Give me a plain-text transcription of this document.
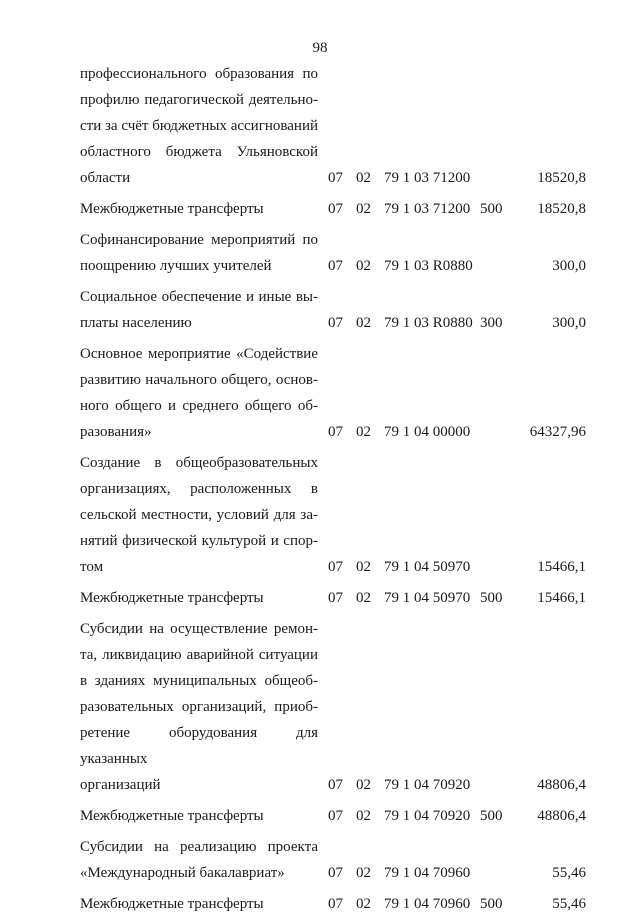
98
профессионального образования по
профилю педагогической деятельно-
сти за счёт бюджетных ассигнований
областного бюджета Ульяновской
области	07 02 79 1 03 71200	18520,8
Межбюджетные трансферты	07 02 79 1 03 71200 500	18520,8
Софинансирование мероприятий по
поощрению лучших учителей	07 02 79 1 03 R0880	300,0
Социальное обеспечение и иные вы-
платы населению	07 02 79 1 03 R0880 300	300,0
Основное мероприятие «Содействие
развитию начального общего, основ-
ного общего и среднего общего об-
разования»	07 02 79 1 04 00000	64327,96
Создание в общеобразовательных
организациях, расположенных в
сельской местности, условий для за-
нятий физической культурой и спор-
том	07 02 79 1 04 50970	15466,1
Межбюджетные трансферты	07 02 79 1 04 50970 500	15466,1
Субсидии на осуществление ремон-
та, ликвидацию аварийной ситуации
в зданиях муниципальных общеоб-
разовательных организаций, приоб-
ретение оборудования для указанных
организаций	07 02 79 1 04 70920	48806,4
Межбюджетные трансферты	07 02 79 1 04 70920 500	48806,4
Субсидии на реализацию проекта
«Международный бакалавриат»	07 02 79 1 04 70960	55,46
Межбюджетные трансферты	07 02 79 1 04 70960 500	55,46
